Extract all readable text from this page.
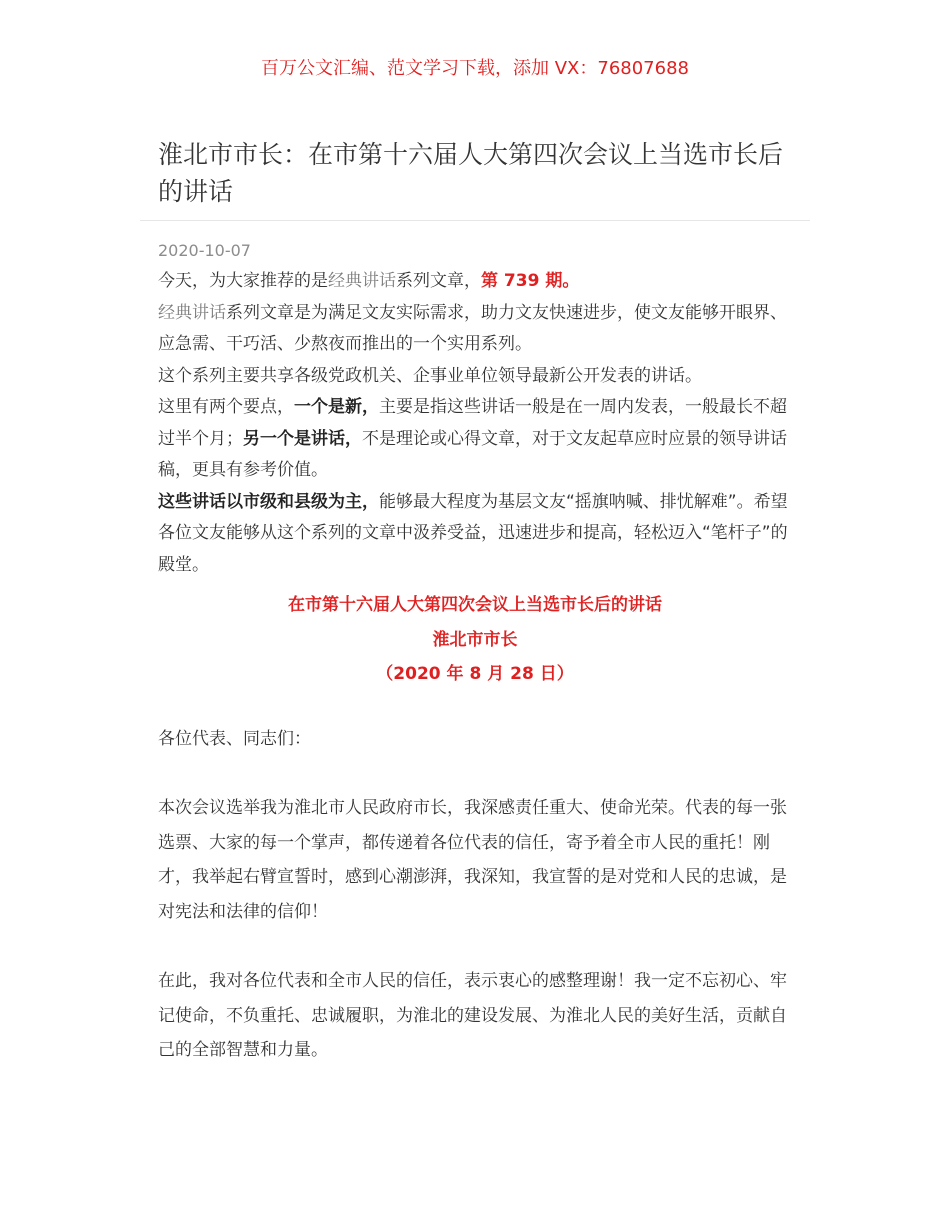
百万公文汇编、范文学习下载，添加 VX：76807688
淮北市市长：在市第十六届人大第四次会议上当选市长后的讲话
2020-10-07

今天，为大家推荐的是经典讲话系列文章，第 739 期。

经典讲话系列文章是为满足文友实际需求，助力文友快速进步，使文友能够开眼界、应急需、干巧活、少熬夜而推出的一个实用系列。

这个系列主要共享各级党政机关、企事业单位领导最新公开发表的讲话。

这里有两个要点，一个是新，主要是指这些讲话一般是在一周内发表，一般最长不超过半个月；另一个是讲话，不是理论或心得文章，对于文友起草应时应景的领导讲话稿，更具有参考价值。

这些讲话以市级和县级为主，能够最大程度为基层文友“摇旗呐喊、排忧解难”。希望各位文友能够从这个系列的文章中汲养受益，迅速进步和提高，轻松迈入“笔杆子”的殿堂。

在市第十六届人大第四次会议上当选市长后的讲话
淮北市市长
（2020 年 8 月 28 日）

各位代表、同志们：

本次会议选举我为淮北市人民政府市长，我深感责任重大、使命光荣。代表的每一张选票、大家的每一个掌声，都传递着各位代表的信任，寄予着全市人民的重托！刚才，我举起右臂宣誓时，感到心潮澎湃，我深知，我宣誓的是对党和人民的忠诚，是对宪法和法律的信仰！

在此，我对各位代表和全市人民的信任，表示衷心的感整理谢！我一定不忘初心、牢记使命，不负重托、忠诚履职，为淮北的建设发展、为淮北人民的美好生活，贡献自己的全部智慧和力量。
